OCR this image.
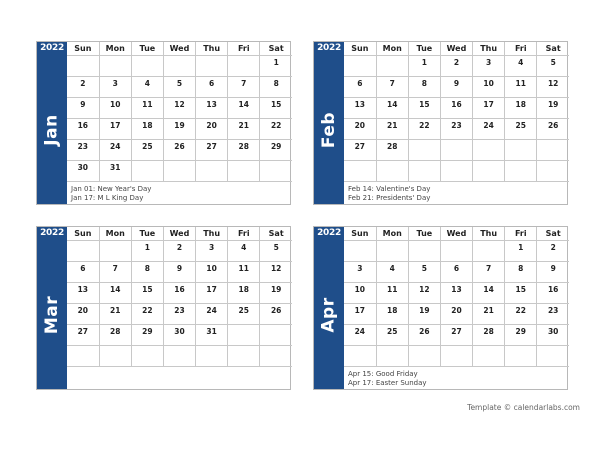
2022
Jan
Sun	Mon	Tue	Wed	Thu	Fri	Sat
						1
2	3	4	5	6	7	8
9	10	11	12	13	14	15
16	17	18	19	20	21	22
23	24	25	26	27	28	29
30	31					
Jan 01: New Year's Day
Jan 17: M L King Day
2022
Feb
Sun	Mon	Tue	Wed	Thu	Fri	Sat
		1	2	3	4	5
6	7	8	9	10	11	12
13	14	15	16	17	18	19
20	21	22	23	24	25	26
27	28					

Feb 14: Valentine's Day
Feb 21: Presidents' Day
2022
Mar
Sun	Mon	Tue	Wed	Thu	Fri	Sat
		1	2	3	4	5
6	7	8	9	10	11	12
13	14	15	16	17	18	19
20	21	22	23	24	25	26
27	28	29	30	31		

2022
Apr
Sun	Mon	Tue	Wed	Thu	Fri	Sat
					1	2
3	4	5	6	7	8	9
10	11	12	13	14	15	16
17	18	19	20	21	22	23
24	25	26	27	28	29	30

Apr 15: Good Friday
Apr 17: Easter Sunday
Template © calendarlabs.com
